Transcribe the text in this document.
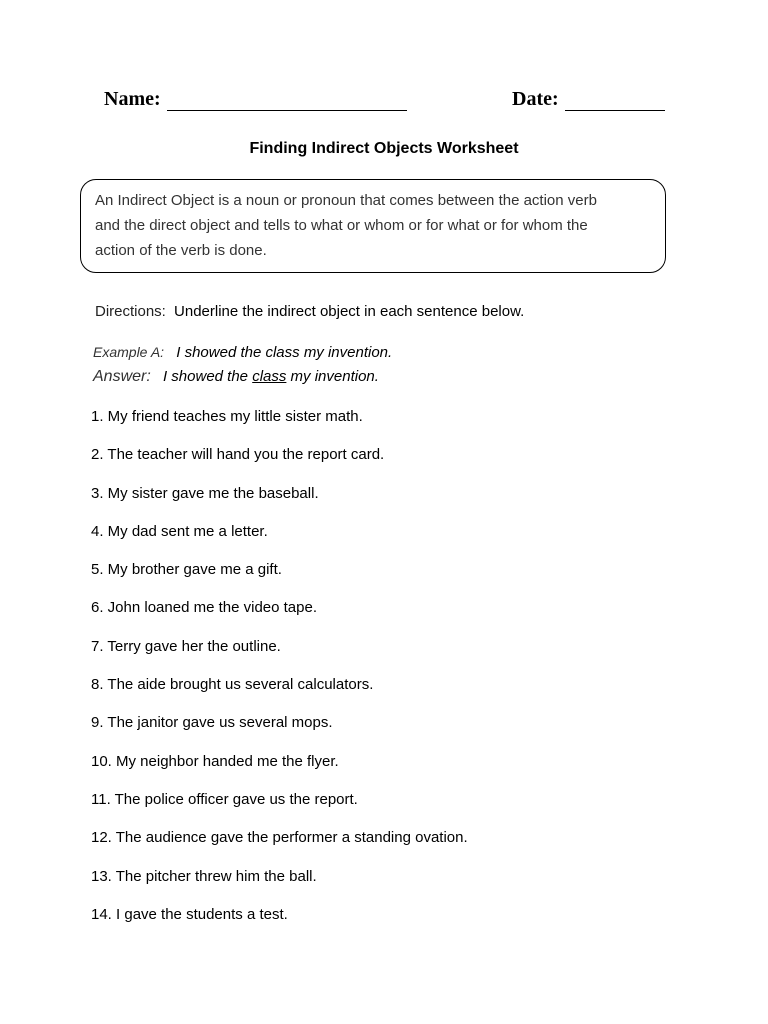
Name:	Date:
Finding Indirect Objects Worksheet
An Indirect Object is a noun or pronoun that comes between the action verb
and the direct object and tells to what or whom or for what or for whom the
action of the verb is done.
Directions: Underline the indirect object in each sentence below.
Example A: I showed the class my invention.
Answer: I showed the class my invention.
1. My friend teaches my little sister math.
2. The teacher will hand you the report card.
3. My sister gave me the baseball.
4. My dad sent me a letter.
5. My brother gave me a gift.
6. John loaned me the video tape.
7. Terry gave her the outline.
8. The aide brought us several calculators.
9. The janitor gave us several mops.
10. My neighbor handed me the flyer.
11. The police officer gave us the report.
12. The audience gave the performer a standing ovation.
13. The pitcher threw him the ball.
14. I gave the students a test.
